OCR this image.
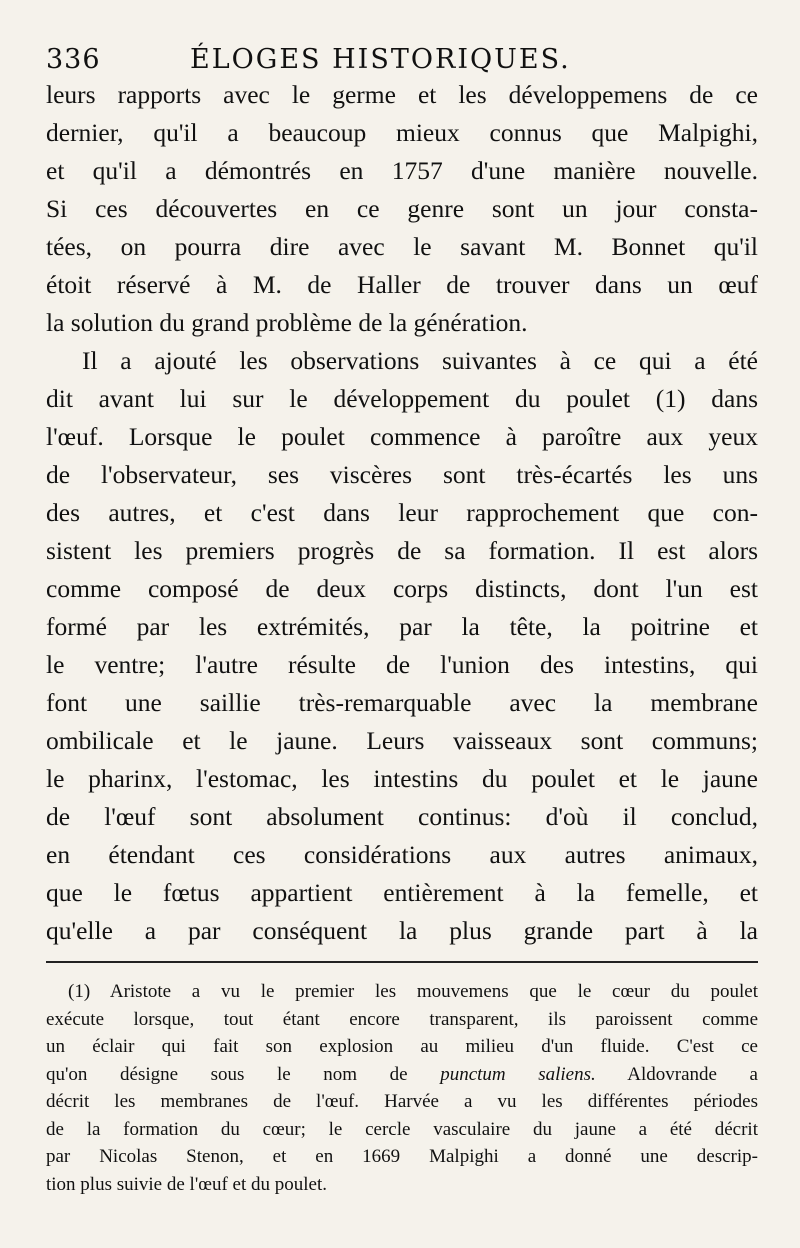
336	ÉLOGES HISTORIQUES.
leurs rapports avec le germe et les développemens de ce
dernier, qu'il a beaucoup mieux connus que Malpighi,
et qu'il a démontrés en 1757 d'une manière nouvelle.
Si ces découvertes en ce genre sont un jour consta-
tées, on pourra dire avec le savant M. Bonnet qu'il
étoit réservé à M. de Haller de trouver dans un œuf
la solution du grand problème de la génération.
Il a ajouté les observations suivantes à ce qui a été
dit avant lui sur le développement du poulet (1) dans
l'œuf. Lorsque le poulet commence à paroître aux yeux
de l'observateur, ses viscères sont très-écartés les uns
des autres, et c'est dans leur rapprochement que con-
sistent les premiers progrès de sa formation. Il est alors
comme composé de deux corps distincts, dont l'un est
formé par les extrémités, par la tête, la poitrine et
le ventre; l'autre résulte de l'union des intestins, qui
font une saillie très-remarquable avec la membrane
ombilicale et le jaune. Leurs vaisseaux sont communs;
le pharinx, l'estomac, les intestins du poulet et le jaune
de l'œuf sont absolument continus: d'où il conclud,
en étendant ces considérations aux autres animaux,
que le fœtus appartient entièrement à la femelle, et
qu'elle a par conséquent la plus grande part à la
(1) Aristote a vu le premier les mouvemens que le cœur du poulet
exécute lorsque, tout étant encore transparent, ils paroissent comme
un éclair qui fait son explosion au milieu d'un fluide. C'est ce
qu'on désigne sous le nom de punctum saliens. Aldovrande a
décrit les membranes de l'œuf. Harvée a vu les différentes périodes
de la formation du cœur; le cercle vasculaire du jaune a été décrit
par Nicolas Stenon, et en 1669 Malpighi a donné une descrip-
tion plus suivie de l'œuf et du poulet.
